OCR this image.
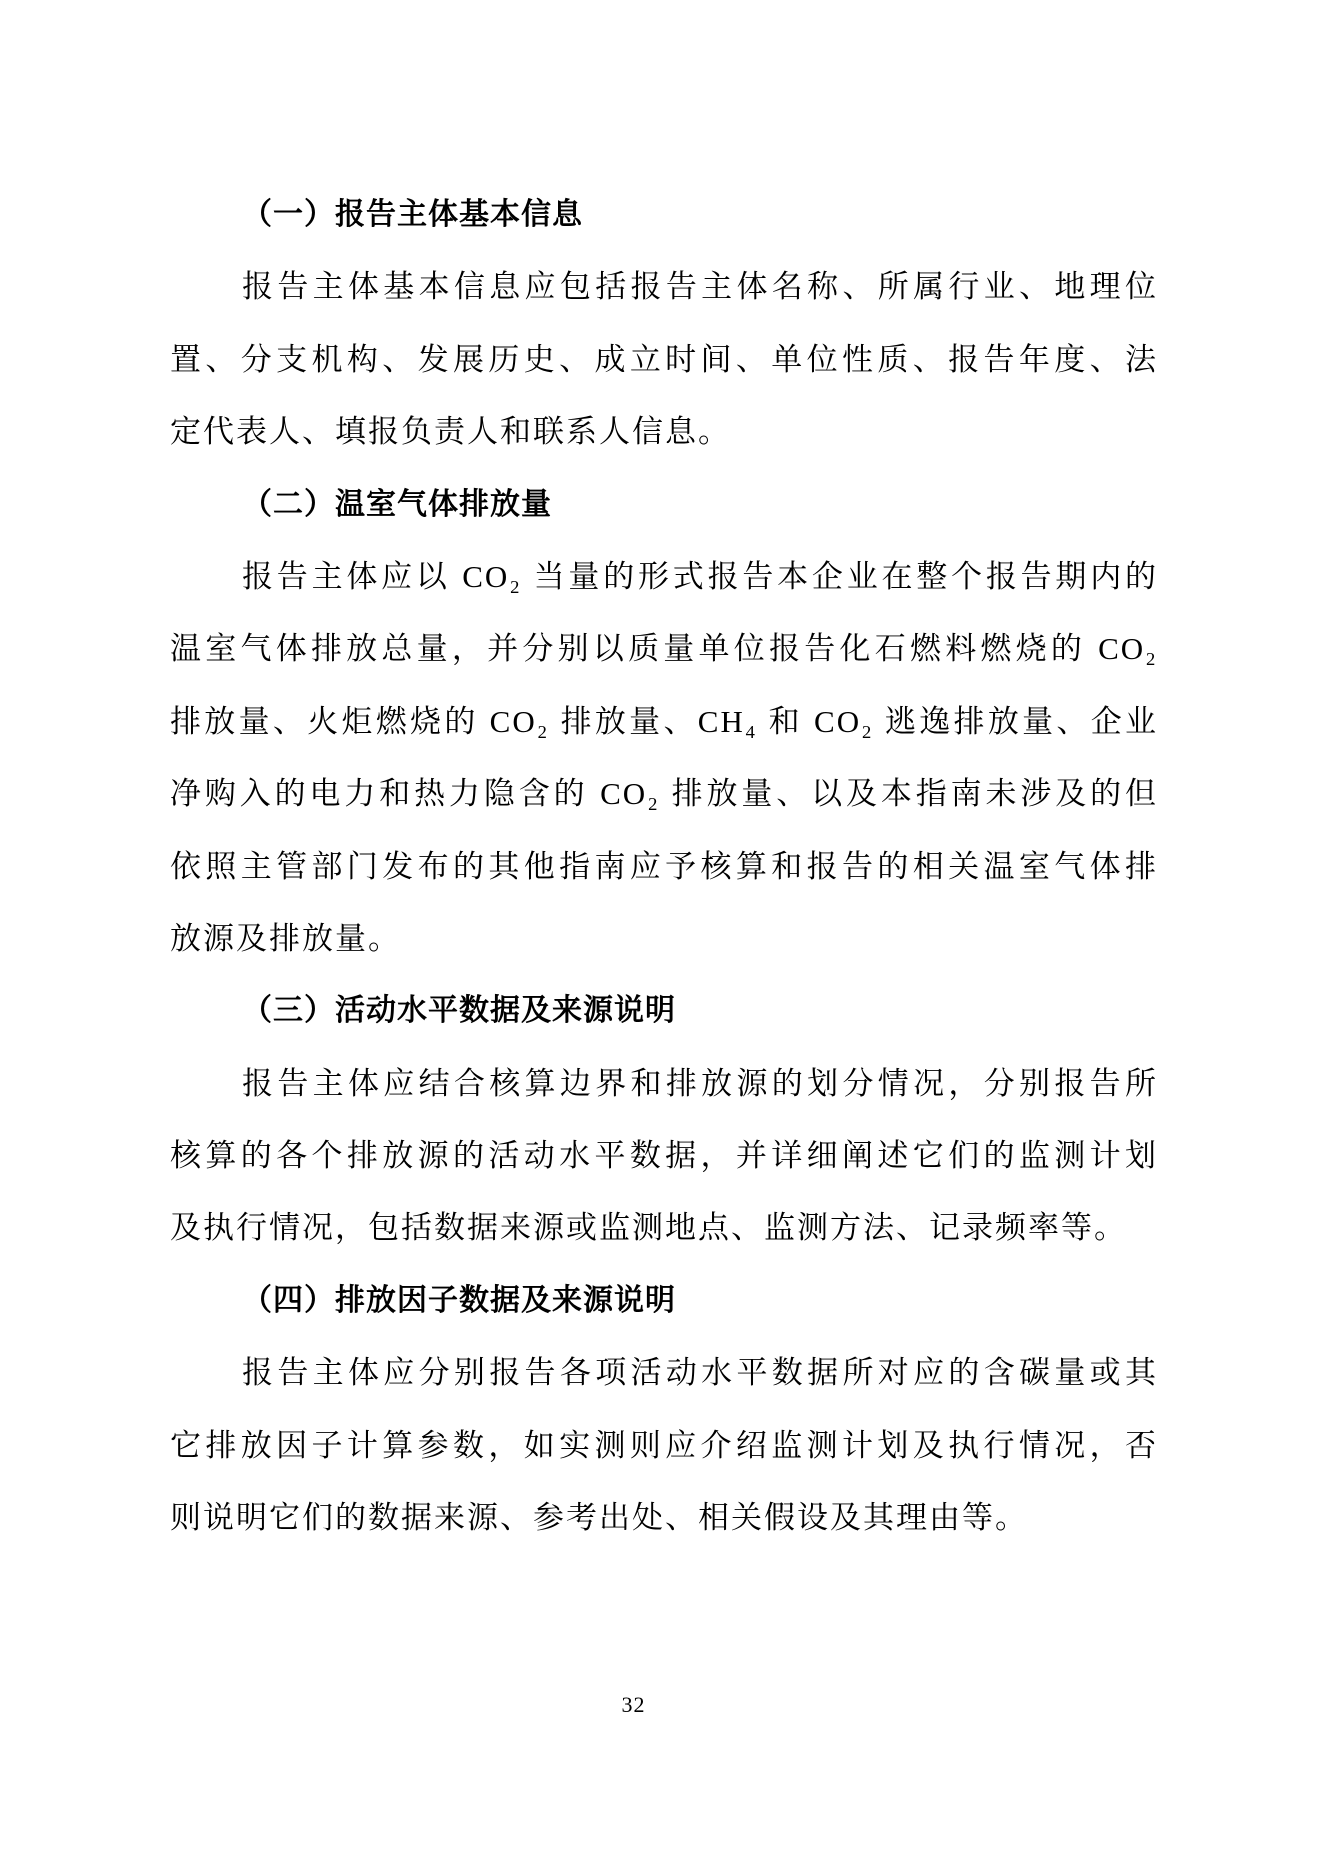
（一）报告主体基本信息
报告主体基本信息应包括报告主体名称、所属行业、地理位
置、分支机构、发展历史、成立时间、单位性质、报告年度、法
定代表人、填报负责人和联系人信息。
（二）温室气体排放量
报告主体应以 CO₂ 当量的形式报告本企业在整个报告期内的
温室气体排放总量，并分别以质量单位报告化石燃料燃烧的 CO₂
排放量、火炬燃烧的 CO₂ 排放量、CH₄ 和 CO₂ 逃逸排放量、企业
净购入的电力和热力隐含的 CO₂ 排放量、以及本指南未涉及的但
依照主管部门发布的其他指南应予核算和报告的相关温室气体排
放源及排放量。
（三）活动水平数据及来源说明
报告主体应结合核算边界和排放源的划分情况，分别报告所
核算的各个排放源的活动水平数据，并详细阐述它们的监测计划
及执行情况，包括数据来源或监测地点、监测方法、记录频率等。
（四）排放因子数据及来源说明
报告主体应分别报告各项活动水平数据所对应的含碳量或其
它排放因子计算参数，如实测则应介绍监测计划及执行情况，否
则说明它们的数据来源、参考出处、相关假设及其理由等。
32
